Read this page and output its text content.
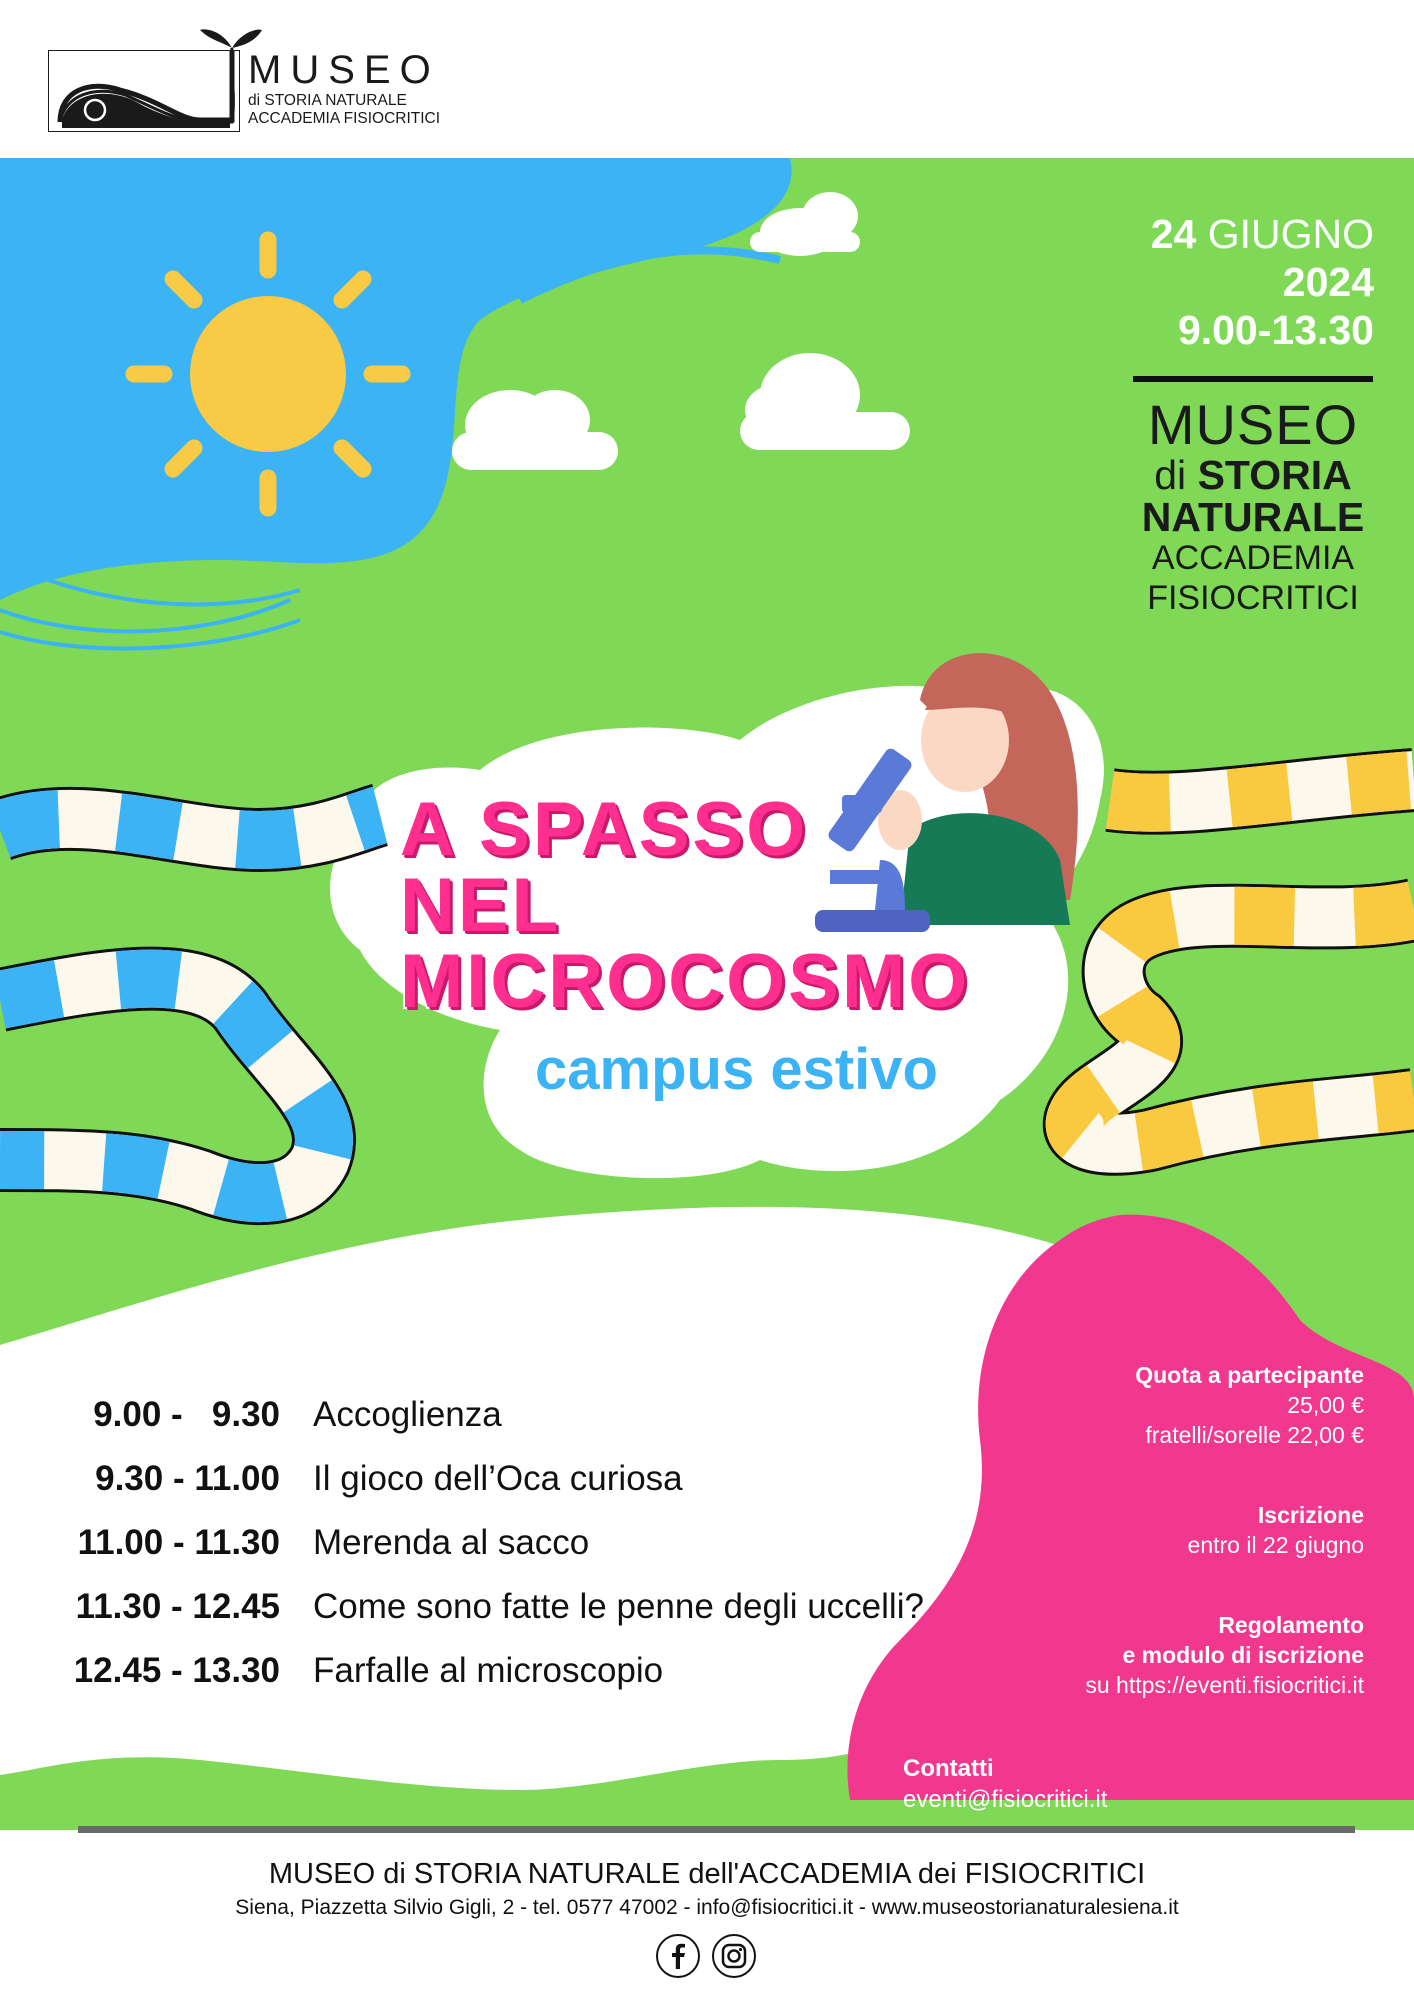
MUSEO
di STORIA NATURALE
ACCADEMIA FISIOCRITICI
24 GIUGNO
2024
9.00-13.30
MUSEO
di STORIA
NATURALE
ACCADEMIA
FISIOCRITICI
A SPASSO
NEL
MICROCOSMO
campus estivo
9.00 -   9.30 Accoglienza
9.30 - 11.00 Il gioco dell’Oca curiosa
11.00 - 11.30 Merenda al sacco
11.30 - 12.45 Come sono fatte le penne degli uccelli?
12.45 - 13.30 Farfalle al microscopio
Quota a partecipante
25,00 €
fratelli/sorelle 22,00 €
Iscrizione
entro il 22 giugno
Regolamento
e modulo di iscrizione
su https://eventi.fisiocritici.it
Contatti
eventi@fisiocritici.it
MUSEO di STORIA NATURALE dell'ACCADEMIA dei FISIOCRITICI
Siena, Piazzetta Silvio Gigli, 2 - tel. 0577 47002 - info@fisiocritici.it - www.museostorianaturalesiena.it
